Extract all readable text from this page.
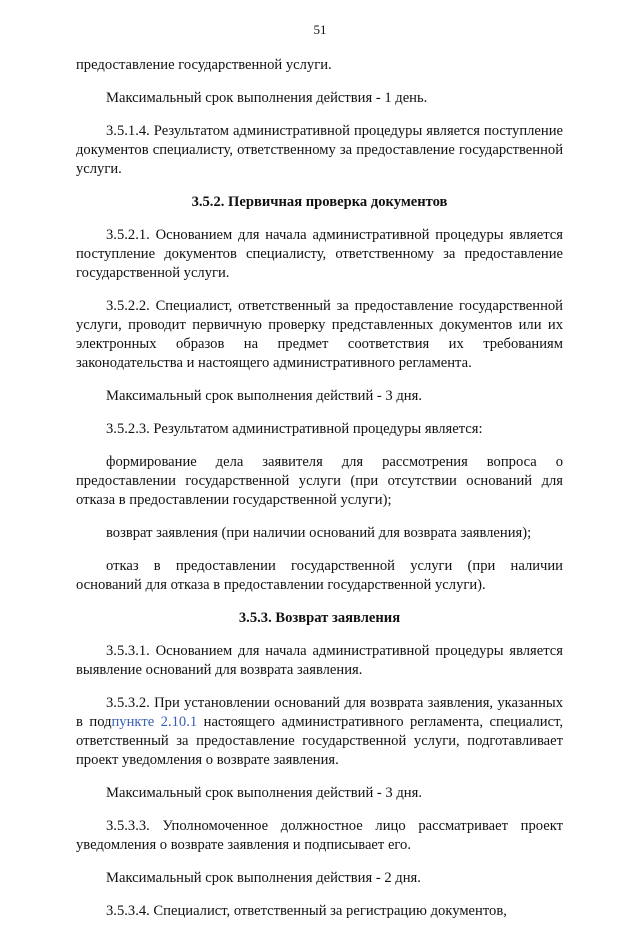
51

предоставление государственной услуги.

Максимальный срок выполнения действия - 1 день.

3.5.1.4. Результатом административной процедуры является поступление документов специалисту, ответственному за предоставление государственной услуги.

3.5.2. Первичная проверка документов

3.5.2.1. Основанием для начала административной процедуры является поступление документов специалисту, ответственному за предоставление государственной услуги.

3.5.2.2. Специалист, ответственный за предоставление государственной услуги, проводит первичную проверку представленных документов или их электронных образов на предмет соответствия их требованиям законодательства и настоящего административного регламента.

Максимальный срок выполнения действий - 3 дня.

3.5.2.3. Результатом административной процедуры является:

формирование дела заявителя для рассмотрения вопроса о предоставлении государственной услуги (при отсутствии оснований для отказа в предоставлении государственной услуги);

возврат заявления (при наличии оснований для возврата заявления);

отказ в предоставлении государственной услуги (при наличии оснований для отказа в предоставлении государственной услуги).

3.5.3. Возврат заявления

3.5.3.1. Основанием для начала административной процедуры является выявление оснований для возврата заявления.

3.5.3.2. При установлении оснований для возврата заявления, указанных в подпункте 2.10.1 настоящего административного регламента, специалист, ответственный за предоставление государственной услуги, подготавливает проект уведомления о возврате заявления.

Максимальный срок выполнения действий - 3 дня.

3.5.3.3. Уполномоченное должностное лицо рассматривает проект уведомления о возврате заявления и подписывает его.

Максимальный срок выполнения действия - 2 дня.

3.5.3.4. Специалист, ответственный за регистрацию документов,
